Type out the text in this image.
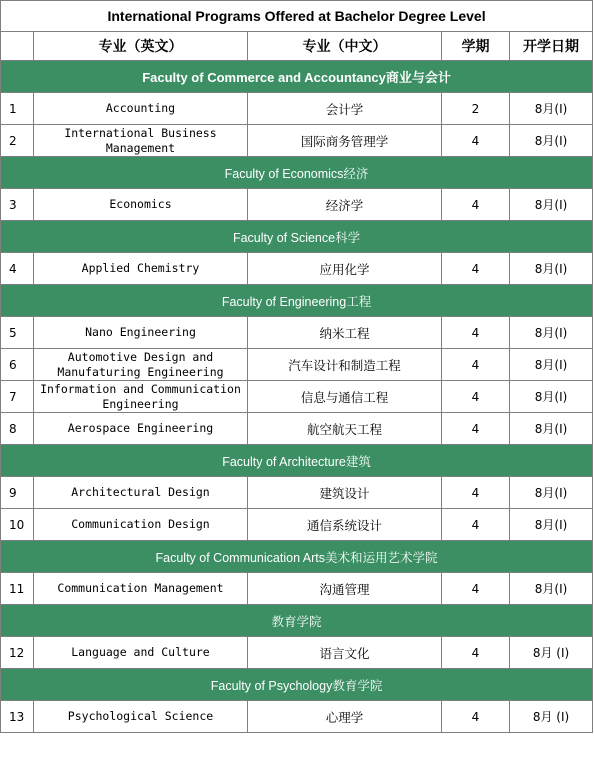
International Programs Offered at Bachelor Degree Level				
	专业（英文）	专业（中文）	学期	开学日期
Faculty of Commerce and Accountancy商业与会计				
1	Accounting	会计学	2	8月(I)
2	International Business Management	国际商务管理学	4	8月(I)
Faculty of Economics经济				
3	Economics	经济学	4	8月(I)
Faculty of Science科学				
4	Applied Chemistry	应用化学	4	8月(I)
Faculty of Engineering工程				
5	Nano Engineering	纳米工程	4	8月(I)
6	Automotive Design and Manufaturing Engineering	汽车设计和制造工程	4	8月(I)
7	Information and Communication Engineering	信息与通信工程	4	8月(I)
8	Aerospace Engineering	航空航天工程	4	8月(I)
Faculty of Architecture建筑				
9	Architectural Design	建筑设计	4	8月(I)
10	Communication Design	通信系统设计	4	8月(I)
Faculty of Communication Arts美术和运用艺术学院				
11	Communication Management	沟通管理	4	8月(I)
教育学院				
12	Language and Culture	语言文化	4	8月 (I)
Faculty of Psychology教育学院				
13	Psychological Science	心理学	4	8月 (I)
